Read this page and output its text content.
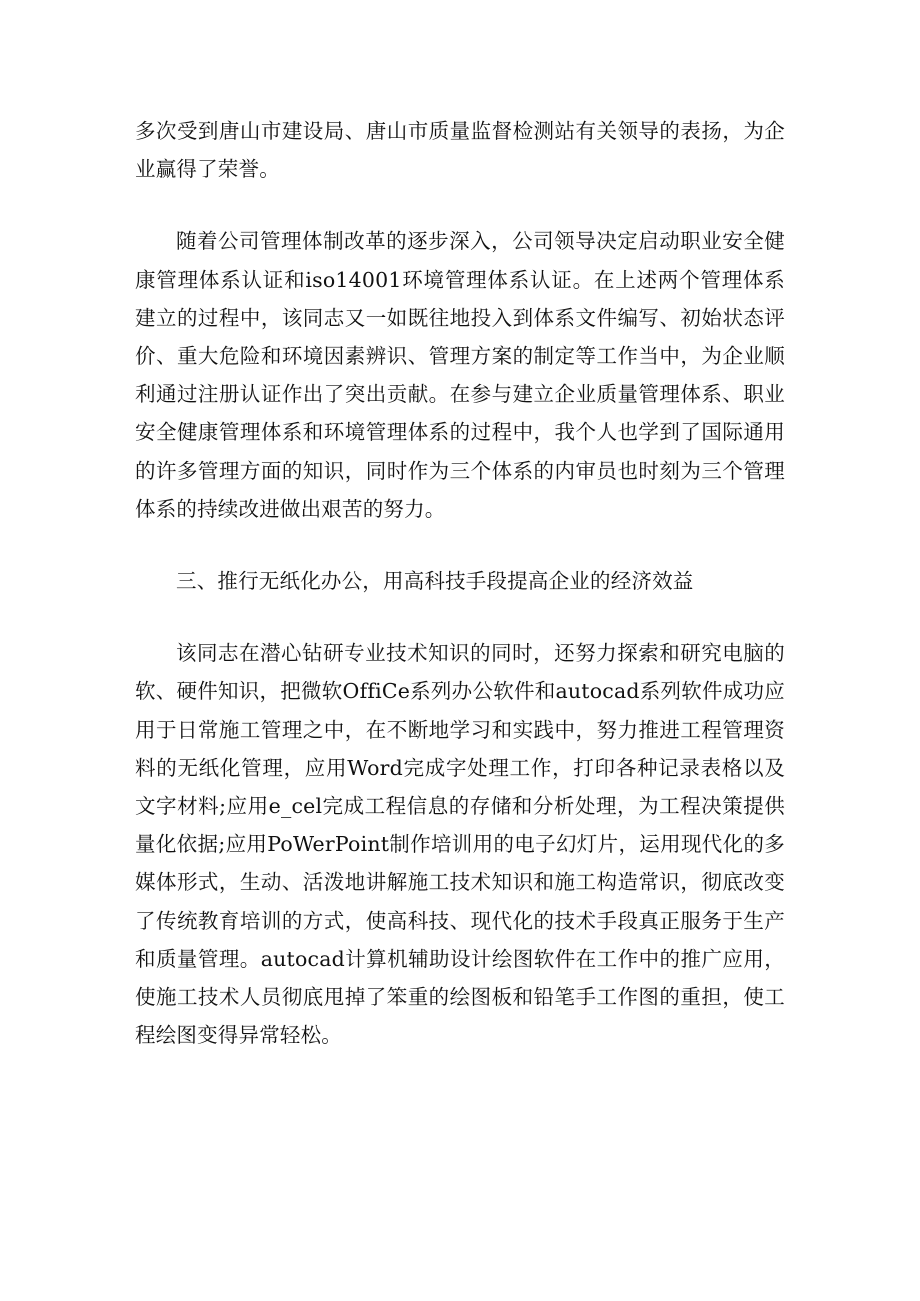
多次受到唐山市建设局、唐山市质量监督检测站有关领导的表扬，为企业赢得了荣誉。

随着公司管理体制改革的逐步深入，公司领导决定启动职业安全健康管理体系认证和iso14001环境管理体系认证。在上述两个管理体系建立的过程中，该同志又一如既往地投入到体系文件编写、初始状态评价、重大危险和环境因素辨识、管理方案的制定等工作当中，为企业顺利通过注册认证作出了突出贡献。在参与建立企业质量管理体系、职业安全健康管理体系和环境管理体系的过程中，我个人也学到了国际通用的许多管理方面的知识，同时作为三个体系的内审员也时刻为三个管理体系的持续改进做出艰苦的努力。

三、推行无纸化办公，用高科技手段提高企业的经济效益

该同志在潜心钻研专业技术知识的同时，还努力探索和研究电脑的软、硬件知识，把微软OffiCe系列办公软件和autocad系列软件成功应用于日常施工管理之中，在不断地学习和实践中，努力推进工程管理资料的无纸化管理，应用Word完成字处理工作，打印各种记录表格以及文字材料;应用e_cel完成工程信息的存储和分析处理，为工程决策提供量化依据;应用PoWerPoint制作培训用的电子幻灯片，运用现代化的多媒体形式，生动、活泼地讲解施工技术知识和施工构造常识，彻底改变了传统教育培训的方式，使高科技、现代化的技术手段真正服务于生产和质量管理。autocad计算机辅助设计绘图软件在工作中的推广应用，使施工技术人员彻底甩掉了笨重的绘图板和铅笔手工作图的重担，使工程绘图变得异常轻松。
